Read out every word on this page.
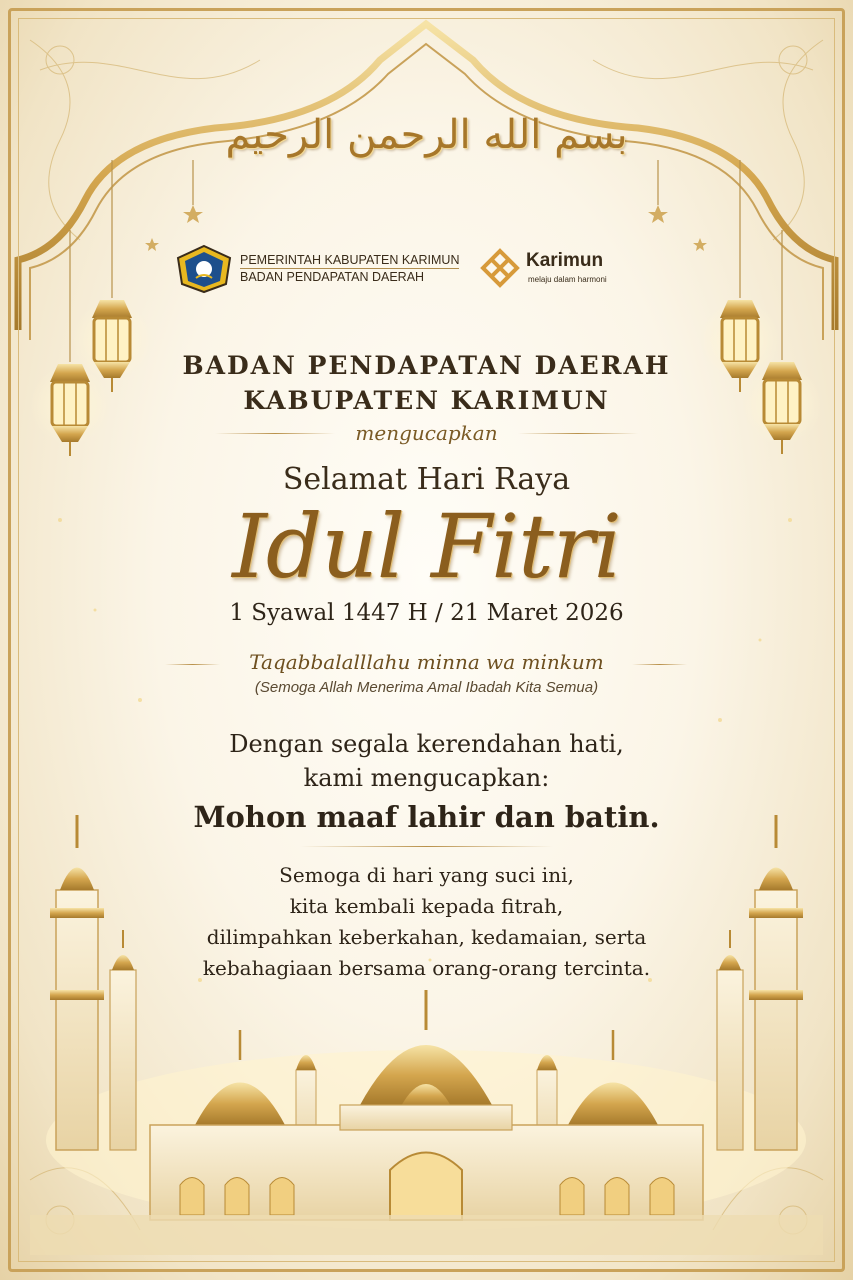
بسم الله الرحمن الرحيم
PEMERINTAH KABUPATEN KARIMUN
BADAN PENDAPATAN DAERAH
Karimun
melaju dalam harmoni
BADAN PENDAPATAN DAERAH
KABUPATEN KARIMUN
mengucapkan
Selamat Hari Raya
Idul Fitri
1 Syawal 1447 H / 21 Maret 2026
Taqabbalalllahu minna wa minkum
(Semoga Allah Menerima Amal Ibadah Kita Semua)
Dengan segala kerendahan hati,
kami mengucapkan:
Mohon maaf lahir dan batin.
Semoga di hari yang suci ini,
kita kembali kepada fitrah,
dilimpahkan keberkahan, kedamaian, serta
kebahagiaan bersama orang-orang tercinta.
